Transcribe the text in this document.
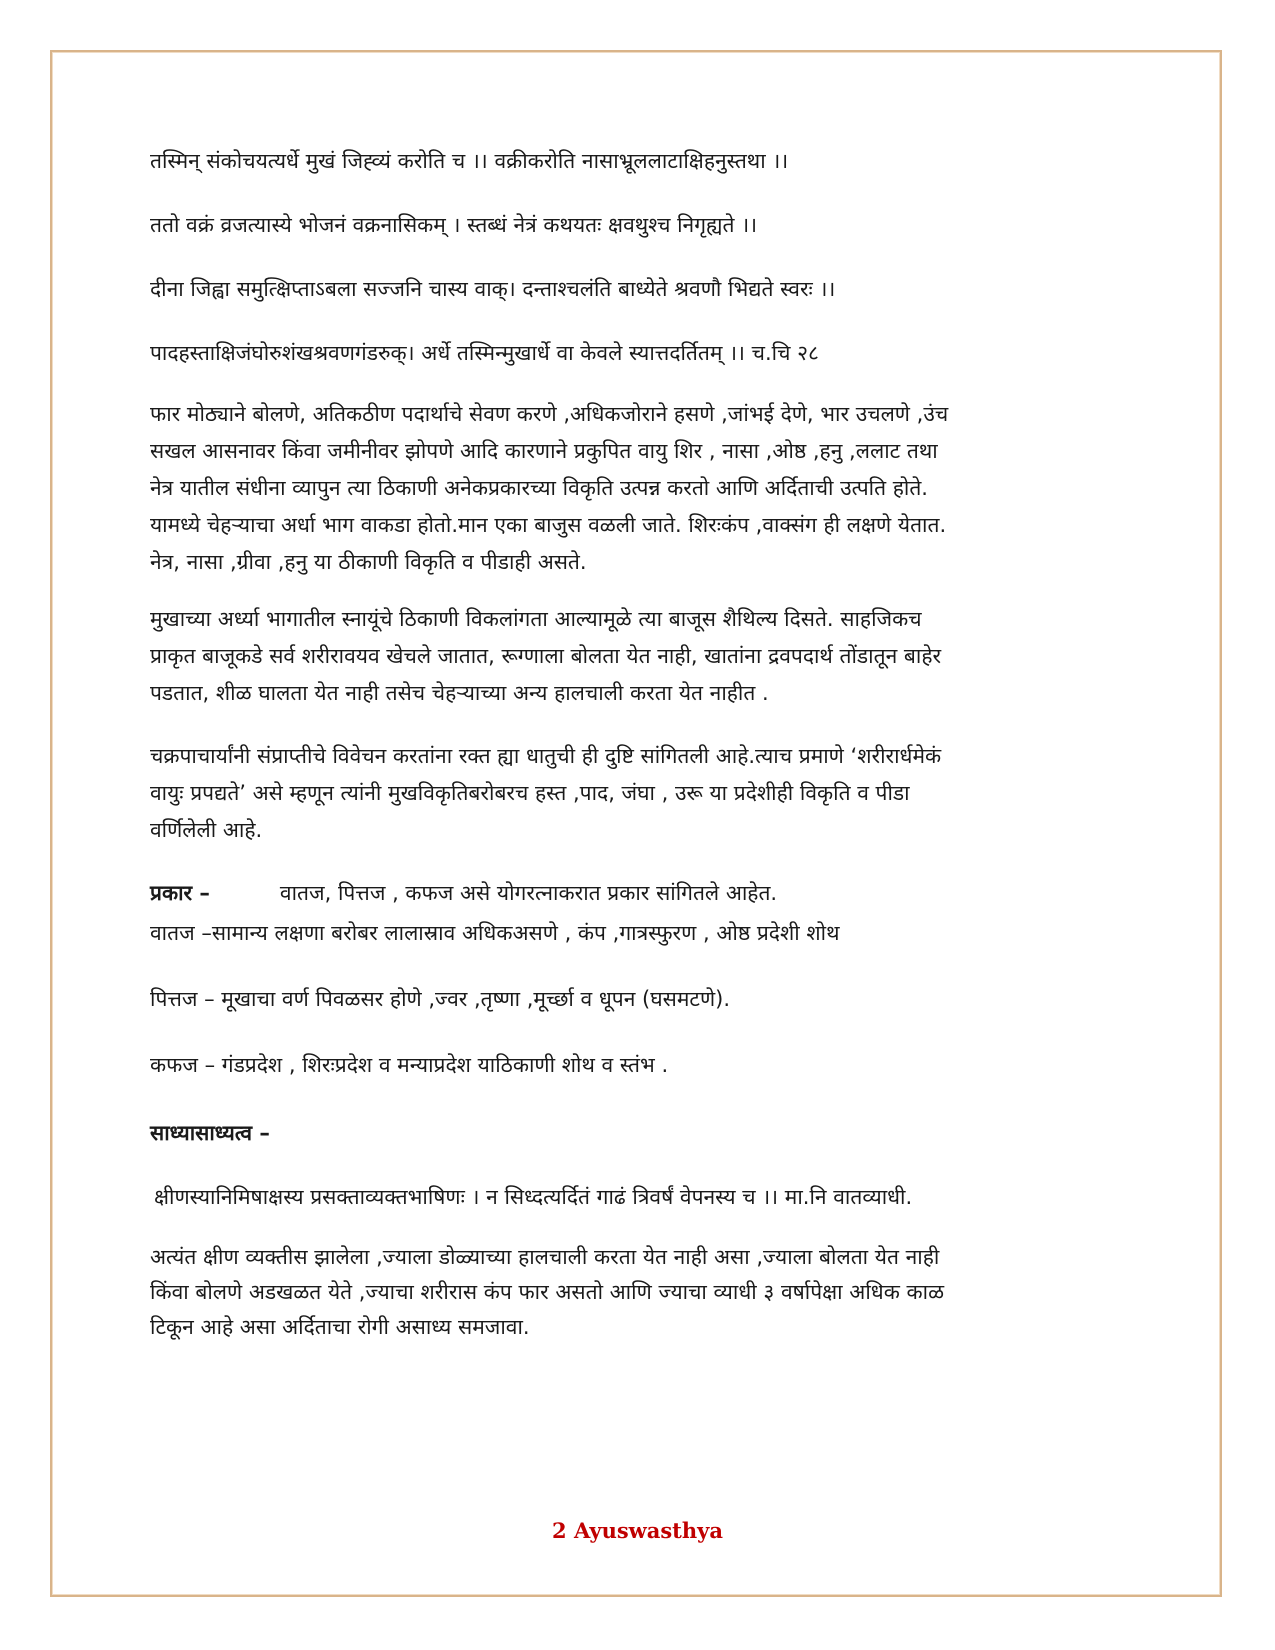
तस्मिन् संकोचयत्यर्धे मुखं जिह्व्यं करोति च ।। वक्रीकरोति नासाभ्रूललाटाक्षिहनुस्तथा ।।
ततो वक्रं व्रजत्यास्ये भोजनं वक्रनासिकम् । स्तब्धं नेत्रं कथयतः क्षवथुश्च निगृह्यते ।।
दीना जिह्वा समुत्क्षिप्ताऽबला सज्जनि चास्य वाक्। दन्ताश्चलंति बाध्येते श्रवणौ भिद्यते स्वरः ।।
पादहस्ताक्षिजंघोरुशंखश्रवणगंडरुक्। अर्धे तस्मिन्मुखार्धे वा केवले स्यात्तदर्तितम् ।। च.चि २८
फार मोठ्याने बोलणे, अतिकठीण पदार्थाचे सेवण करणे ,अधिकजोराने हसणे ,जांभई देणे, भार उचलणे ,उंच
सखल आसनावर किंवा जमीनीवर झोपणे आदि कारणाने प्रकुपित वायु शिर , नासा ,ओष्ठ ,हनु ,ललाट तथा
नेत्र यातील संधीना व्यापुन त्या ठिकाणी अनेकप्रकारच्या विकृति उत्पन्न करतो आणि अर्दिताची उत्पति होते.
यामध्ये चेहऱ्याचा अर्धा भाग वाकडा होतो.मान एका बाजुस वळली जाते. शिरःकंप ,वाक्संग ही लक्षणे येतात.
नेत्र, नासा ,ग्रीवा ,हनु या ठीकाणी विकृति व पीडाही असते.
मुखाच्या अर्ध्या भागातील स्नायूंचे ठिकाणी विकलांगता आल्यामूळे त्या बाजूस शैथिल्य दिसते. साहजिकच
प्राकृत बाजूकडे सर्व शरीरावयव खेचले जातात, रूग्णाला बोलता येत नाही, खातांना द्रवपदार्थ तोंडातून बाहेर
पडतात, शीळ घालता येत नाही तसेच चेहऱ्याच्या अन्य हालचाली करता येत नाहीत .
चक्रपाचार्यांनी संप्राप्तीचे विवेचन करतांना रक्त ह्या धातुची ही दुष्टि सांगितली आहे.त्याच प्रमाणे ‘शरीरार्धमेकं
वायुः प्रपद्यते’ असे म्हणून त्यांनी मुखविकृतिबरोबरच हस्त ,पाद, जंघा , उरू या प्रदेशीही विकृति व पीडा
वर्णिलेली आहे.
प्रकार –	वातज, पित्तज , कफज असे योगरत्नाकरात प्रकार सांगितले आहेत.
वातज –सामान्य लक्षणा बरोबर लालास्राव अधिकअसणे , कंप ,गात्रस्फुरण , ओष्ठ प्रदेशी शोथ
पित्तज – मूखाचा वर्ण पिवळसर होणे ,ज्वर ,तृष्णा ,मूर्च्छा व धूपन (घसमटणे).
कफज – गंडप्रदेश , शिरःप्रदेश व मन्याप्रदेश याठिकाणी शोथ व स्तंभ .
साध्यासाध्यत्व –
क्षीणस्यानिमिषाक्षस्य प्रसक्ताव्यक्तभाषिणः । न सिध्दत्यर्दितं गाढं त्रिवर्षं वेपनस्य च ।। मा.नि वातव्याधी.
अत्यंत क्षीण व्यक्तीस झालेला ,ज्याला डोळ्याच्या हालचाली करता येत नाही असा ,ज्याला बोलता येत नाही
किंवा बोलणे अडखळत येते ,ज्याचा शरीरास कंप फार असतो आणि ज्याचा व्याधी ३ वर्षापेक्षा अधिक काळ
टिकून आहे असा अर्दिताचा रोगी असाध्य समजावा.
2 Ayuswasthya
